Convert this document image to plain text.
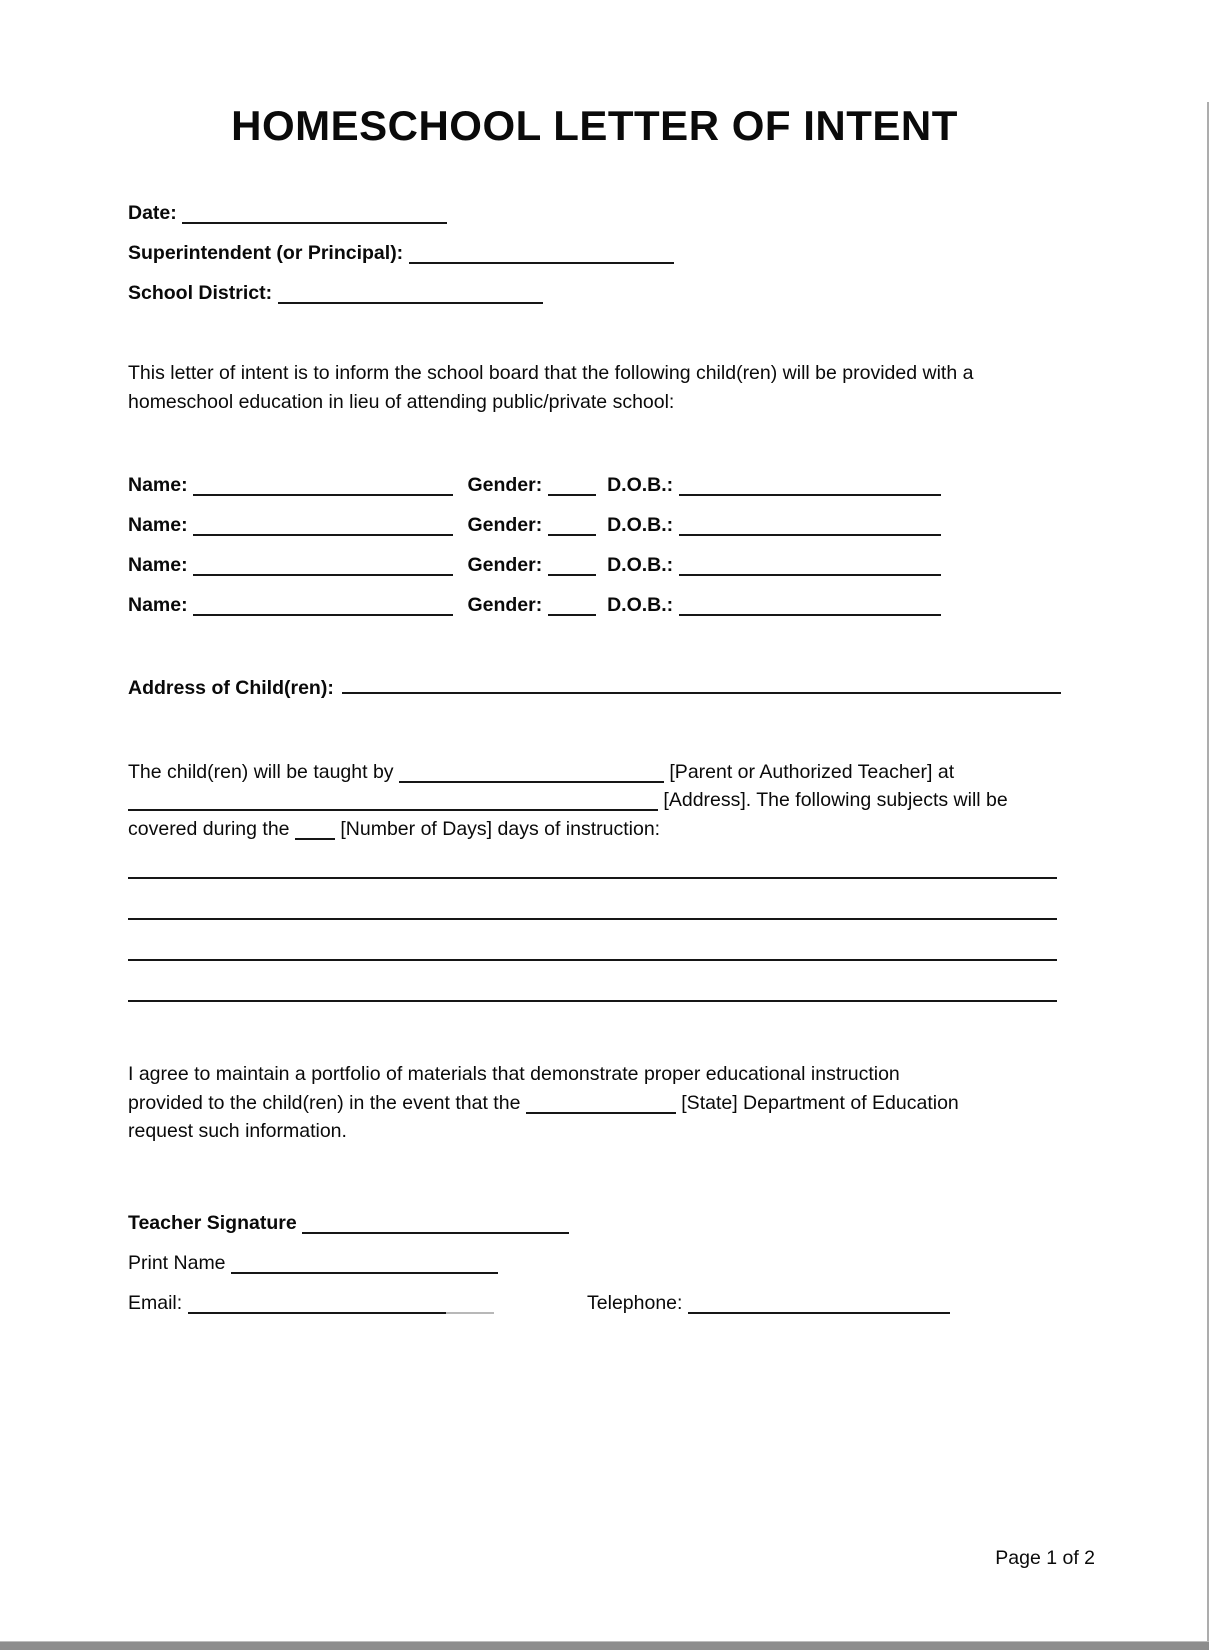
HOMESCHOOL LETTER OF INTENT
Date:
Superintendent (or Principal):
School District:

This letter of intent is to inform the school board that the following child(ren) will be provided with a homeschool education in lieu of attending public/private school:

Name:	Gender:	D.O.B.:
Name:	Gender:	D.O.B.:
Name:	Gender:	D.O.B.:
Name:	Gender:	D.O.B.:
Address of Child(ren):
The child(ren) will be taught by	[Parent or Authorized Teacher] at
[Address]. The following subjects will be
covered during the	[Number of Days] days of instruction:
I agree to maintain a portfolio of materials that demonstrate proper educational instruction
provided to the child(ren) in the event that the	[State] Department of Education
request such information.
Teacher Signature
Print Name
Email:	Telephone:
Page 1 of 2
